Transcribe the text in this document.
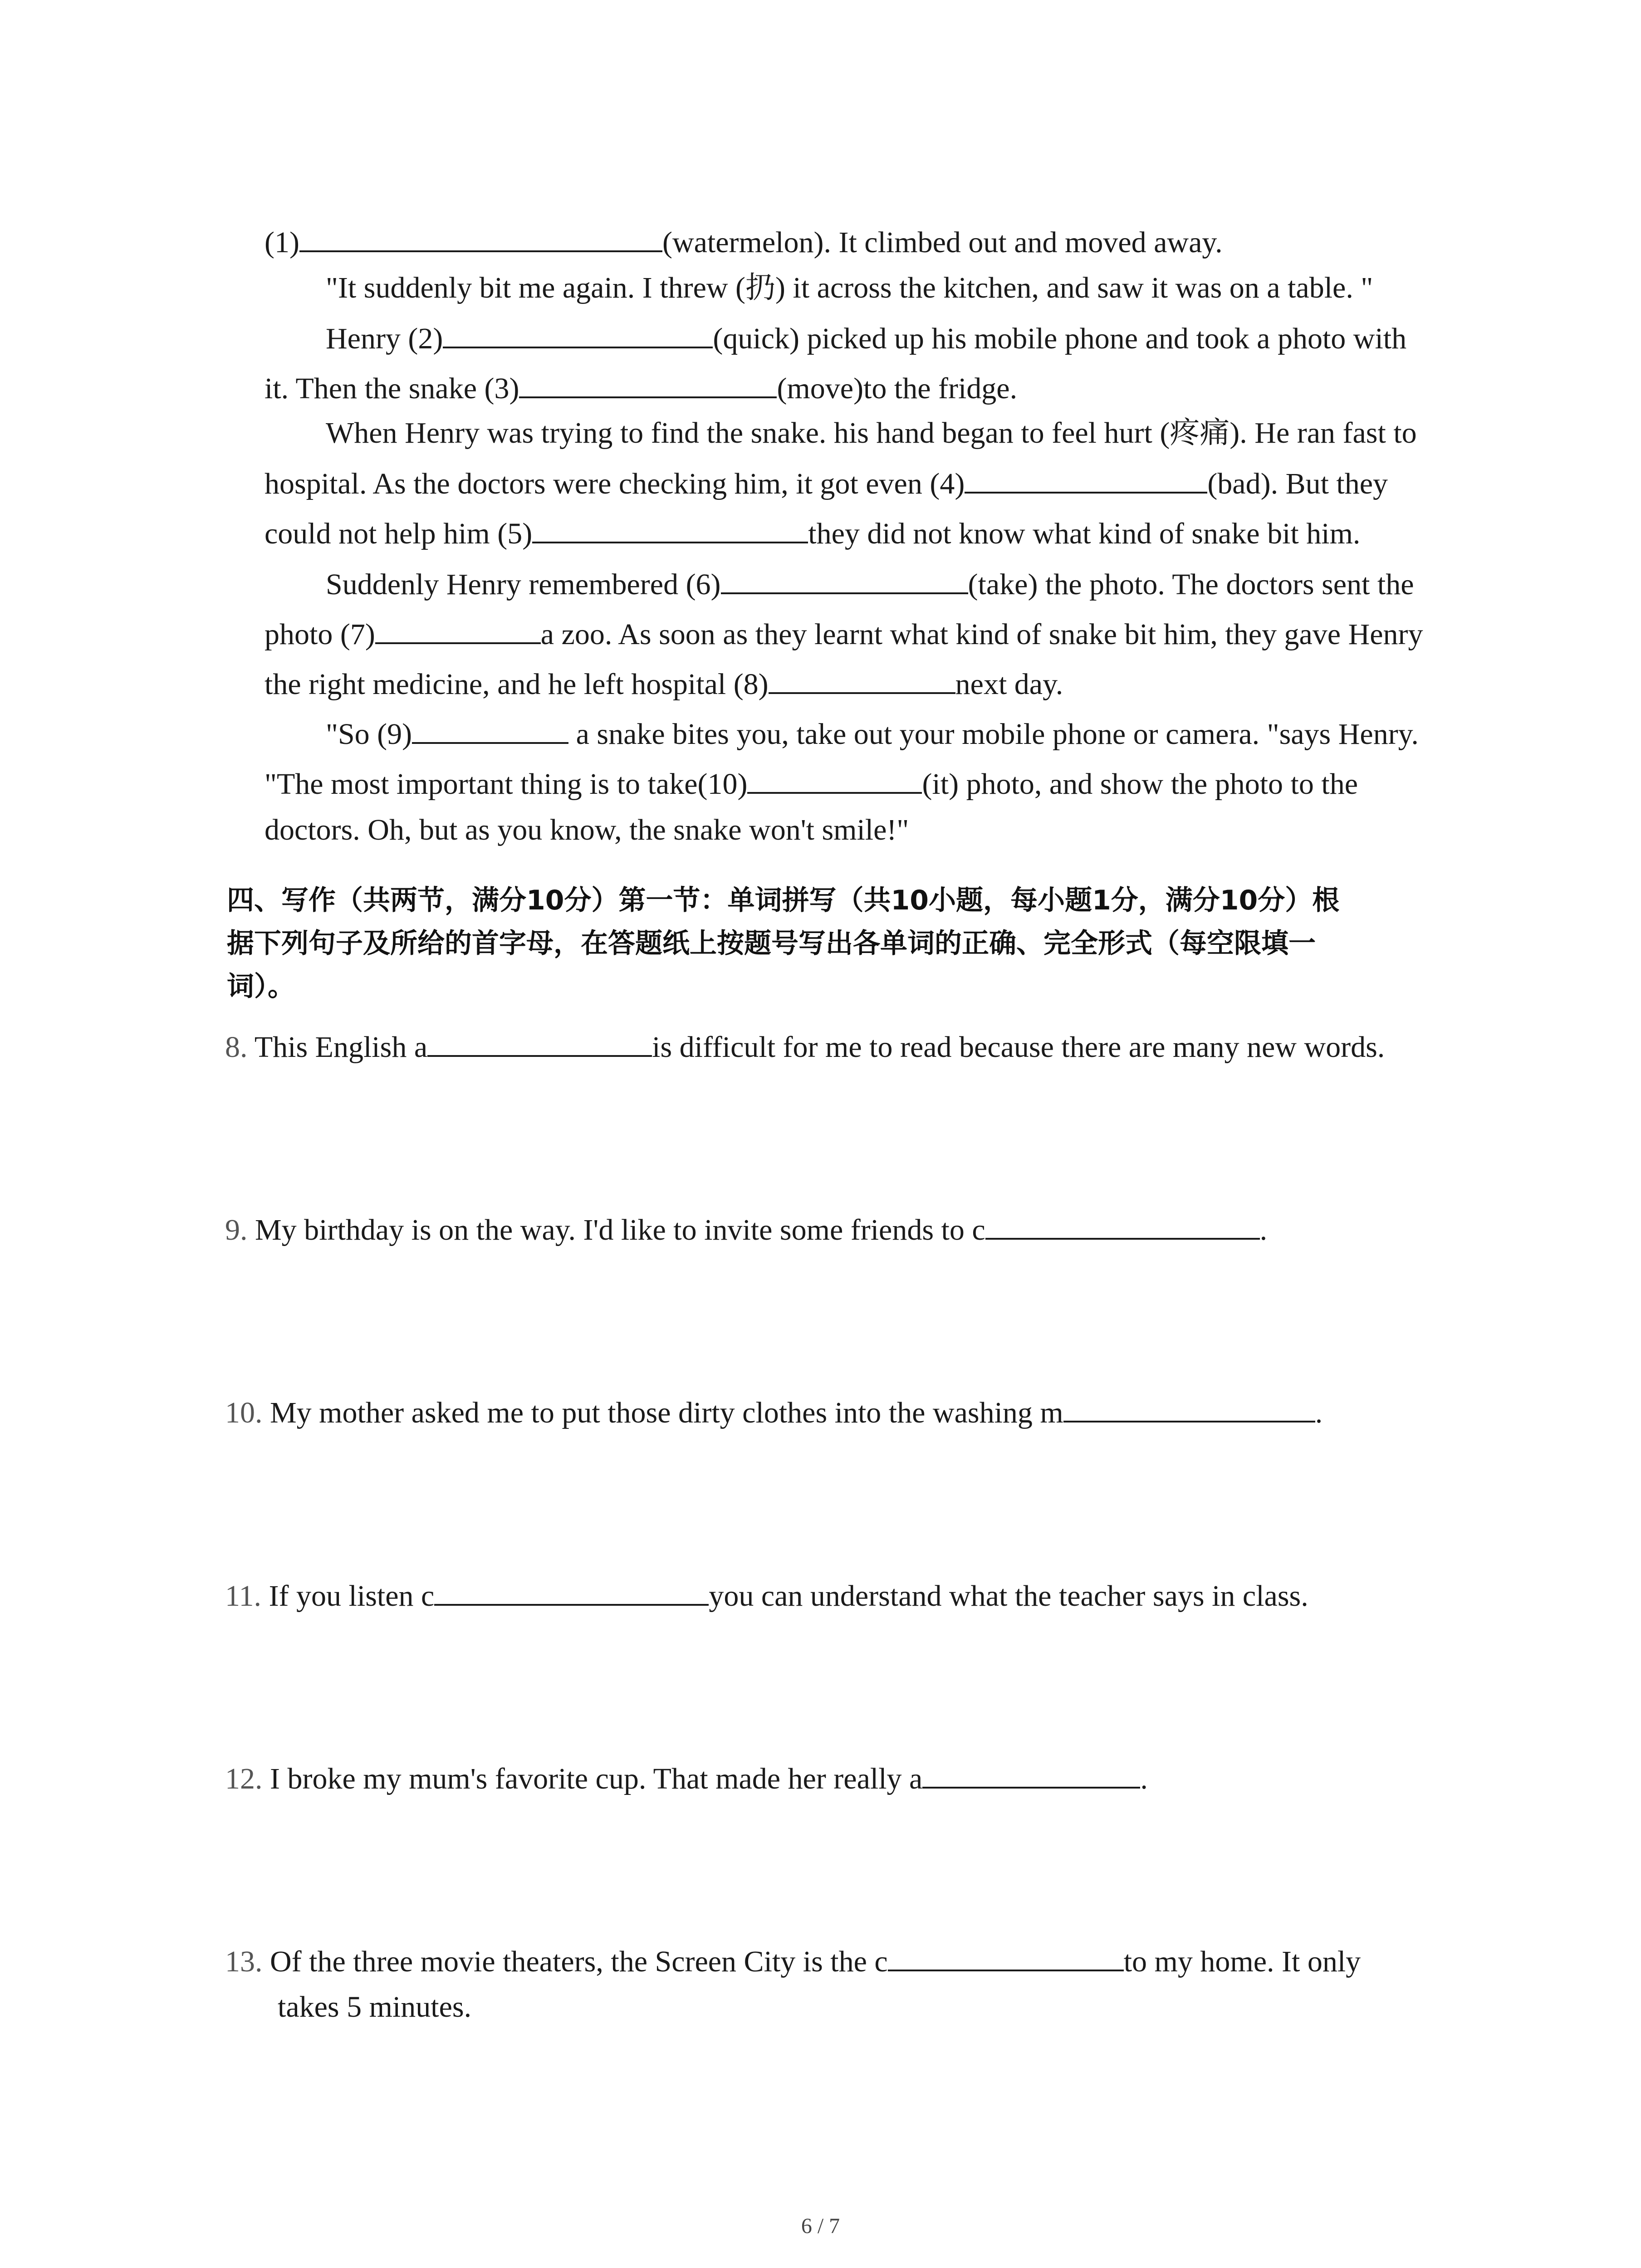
(1)	(watermelon). It climbed out and moved away.
"It suddenly bit me again. I threw (扔) it across the kitchen, and saw it was on a table. "
Henry (2)	(quick) picked up his mobile phone and took a photo with
it. Then the snake (3)	(move)to the fridge.
When Henry was trying to find the snake. his hand began to feel hurt (疼痛). He ran fast to
hospital. As the doctors were checking him, it got even (4)	(bad). But they
could not help him (5)	they did not know what kind of snake bit him.
Suddenly Henry remembered (6)	(take) the photo. The doctors sent the
photo (7)	a zoo. As soon as they learnt what kind of snake bit him, they gave Henry
the right medicine, and he left hospital (8)	next day.
"So (9)	a snake bites you, take out your mobile phone or camera. "says Henry.
"The most important thing is to take(10)	(it) photo, and show the photo to the
doctors. Oh, but as you know, the snake won't smile!"
四、写作（共两节，满分10分）第一节：单词拼写（共10小题，每小题1分，满分10分）根
据下列句子及所给的首字母，在答题纸上按题号写出各单词的正确、完全形式（每空限填一
词）。
8. This English a	is difficult for me to read because there are many new words.
9. My birthday is on the way. I'd like to invite some friends to c	.
10. My mother asked me to put those dirty clothes into the washing m	.
11. If you listen c	you can understand what the teacher says in class.
12. I broke my mum's favorite cup. That made her really a	.
13. Of the three movie theaters, the Screen City is the c	to my home. It only
takes 5 minutes.
6 / 7
